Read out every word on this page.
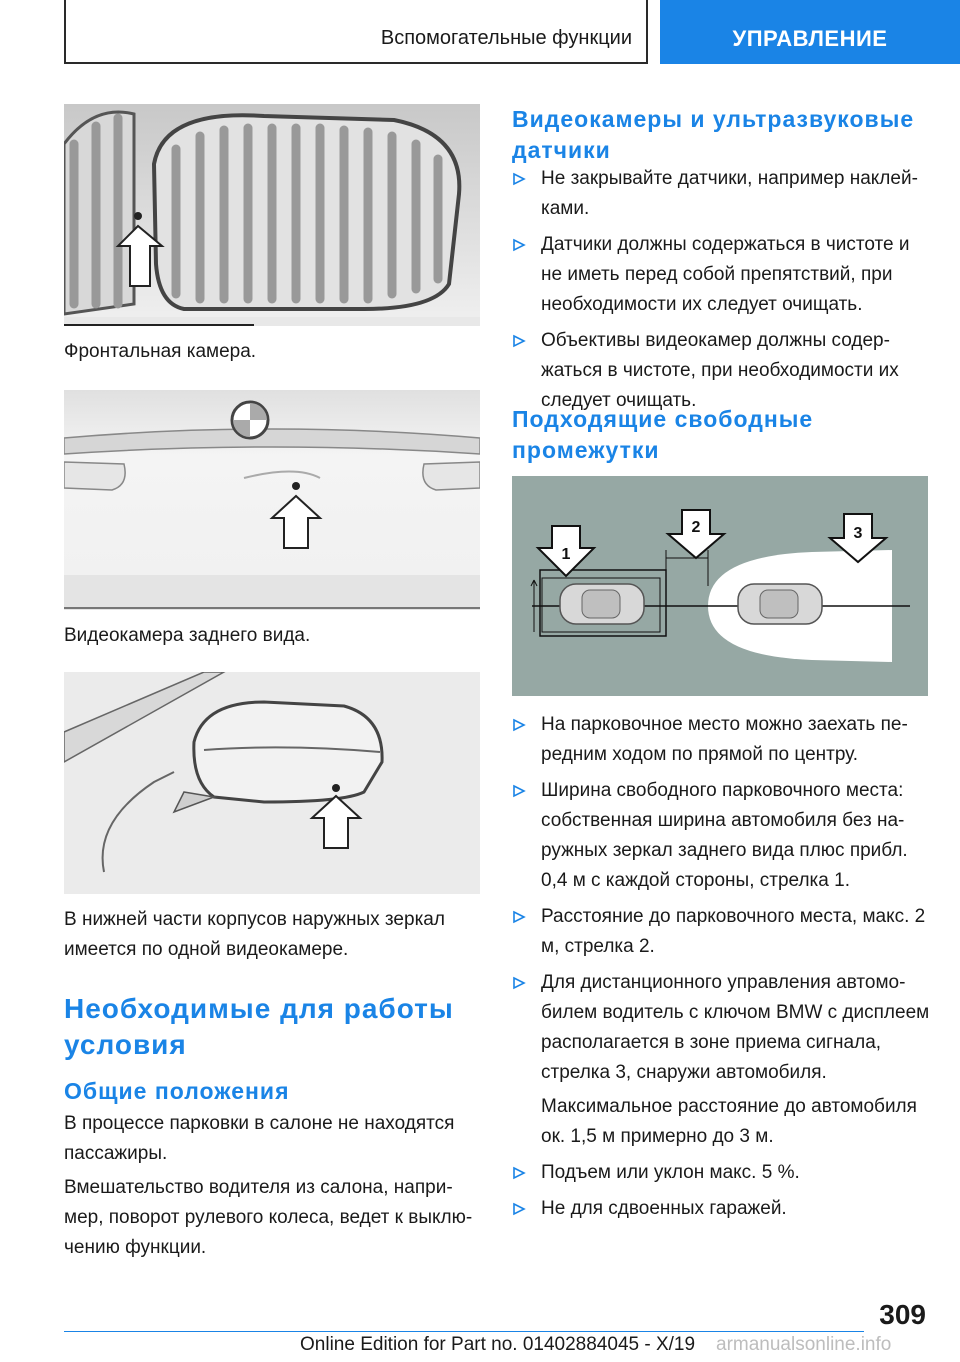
Вспомогательные функции	УПРАВЛЕНИЕ
Фронтальная камера.
Видеокамера заднего вида.
В нижней части корпусов наружных зеркал имеется по одной видеокамере.
Необходимые для работы условия
Общие положения
В процессе парковки в салоне не находятся пассажиры.
Вмешательство водителя из салона, например, поворот рулевого колеса, ведет к выключению функции.
Видеокамеры и ультразвуковые датчики
Не закрывайте датчики, например наклейками.
Датчики должны содержаться в чистоте и не иметь перед собой препятствий, при необходимости их следует очищать.
Объективы видеокамер должны содержаться в чистоте, при необходимости их следует очищать.
Подходящие свободные промежутки
1
2	3
На парковочное место можно заехать передним ходом по прямой по центру.
Ширина свободного парковочного места: собственная ширина автомобиля без наружных зеркал заднего вида плюс прибл. 0,4 м с каждой стороны, стрелка 1.
Расстояние до парковочного места, макс. 2 м, стрелка 2.
Для дистанционного управления автомобилем водитель с ключом BMW с дисплеем располагается в зоне приема сигнала, стрелка 3, снаружи автомобиля.
Максимальное расстояние до автомобиля ок. 1,5 м примерно до 3 м.
Подъем или уклон макс. 5 %.
Не для сдвоенных гаражей.
309
Online Edition for Part no. 01402884045 - X/19 armanualsonline.info
